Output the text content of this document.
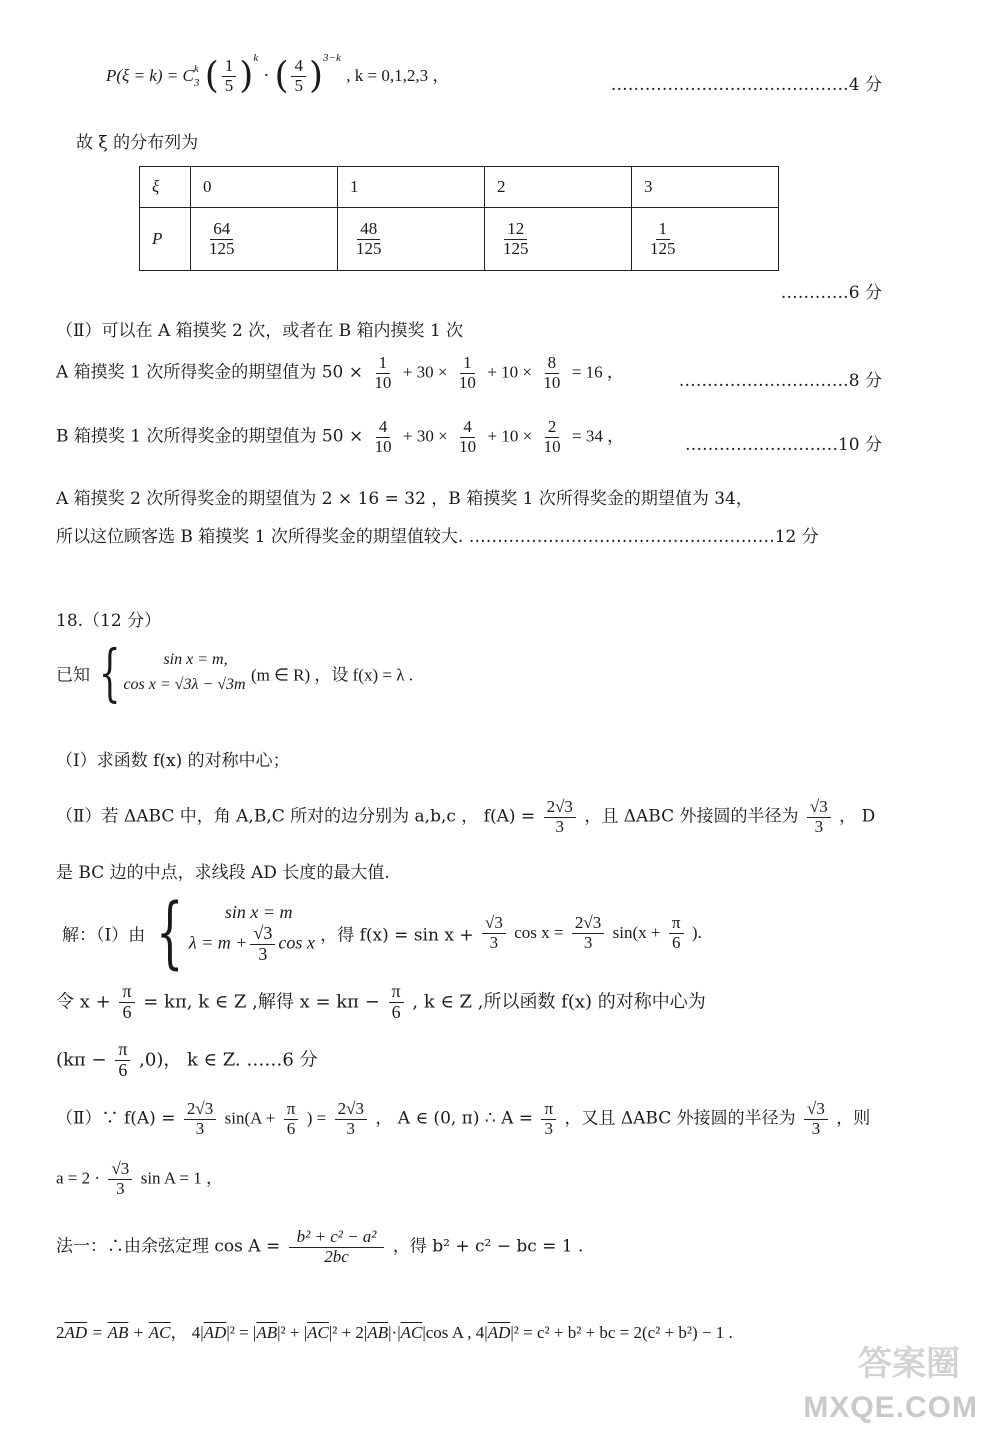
P(ξ = k) = C k
3 ( $\frac{1}{5} )^k$ · ( $\frac{4}{5} )^{3-k}$ , k = 0,1,2,3 ，	……………………………………4 分
故 ξ 的分布列为
ξ	0	1	2	3
P	$\frac{64}{125}$	$\frac{48}{125}$	$\frac{12}{125}$	$\frac{1}{125}$
…………6 分
（Ⅱ）可以在 A 箱摸奖 2 次，或者在 B 箱内摸奖 1 次
A 箱摸奖 1 次所得奖金的期望值为 $50 \times \frac{1}{10} + 30 \times \frac{1}{10} + 10 \times \frac{8}{10} = 16$ ，	…………………………8 分
B 箱摸奖 1 次所得奖金的期望值为 $50 \times \frac{4}{10} + 30 \times \frac{4}{10} + 10 \times \frac{2}{10} = 34$ ，	………………………10 分
A 箱摸奖 2 次所得奖金的期望值为 2 × 16 = 32 ，B 箱摸奖 1 次所得奖金的期望值为 34，
所以这位顾客选 B 箱摸奖 1 次所得奖金的期望值较大. ………………………………………………12 分
18.（12 分）
已知 {	sin x = m,
cos x = √3λ − √3m (m ∈ R) ，设 f(x) = λ .
（Ⅰ）求函数 f(x) 的对称中心；
（Ⅱ）若 ΔABC 中，角 A,B,C 所对的边分别为 a,b,c ， $f(A) = \frac{2√3}{3}$ ，且 ΔABC 外接圆的半径为 $\frac{√3}{3}$ ， D
是 BC 边的中点，求线段 AD 长度的最大值.
解：（Ⅰ）由 {	sin x = m
$\lambda = m + \frac{√3}{3}$ cos x ，得 $f(x) = \sin x + \frac{√3}{3}$ $\cos x = \frac{2√3}{3} \sin(x + \frac{\pi}{6}$ ).
令 $x + \frac{\pi}{6} = k\pi$, k ∈ Z ,解得 $x = k\pi - \frac{\pi}{6}$ , k ∈ Z ,所以函数 f(x) 的对称中心为
$(k\pi - \frac{\pi}{6} ,0)$， k ∈ Z. ……6 分
（Ⅱ）∵ $f(A) = \frac{2√3}{3} \sin(A + \frac{\pi}{6}$ ) = $\frac{2√3}{3}$ ， A ∈ (0, π) ∴ $A = \frac{\pi}{3}$ ，又且 ΔABC 外接圆的半径为 $\frac{√3}{3}$ ，则
$a = 2 \cdot \frac{√3}{3}$ sin A = 1 ，
法一：∴由余弦定理 $\cos A = \frac{\text{b² + c² − a²}}{2bc}$ ，得 b² + c² − bc = 1 .
$2\overline{AD} = \overline{AB} + \overline{AC}$， $4|\overline{AD}|^2 = |\overline{AB}|^2 + |\overline{AC}|^2 + 2|\overline{AB}|\cdot|\overline{AC}|\cos$ A , $4|\overline{AD}|^2 = c^2 + b^2$ + bc = 2(c² + b²) − 1 .
答案圈
MXQE.COM
